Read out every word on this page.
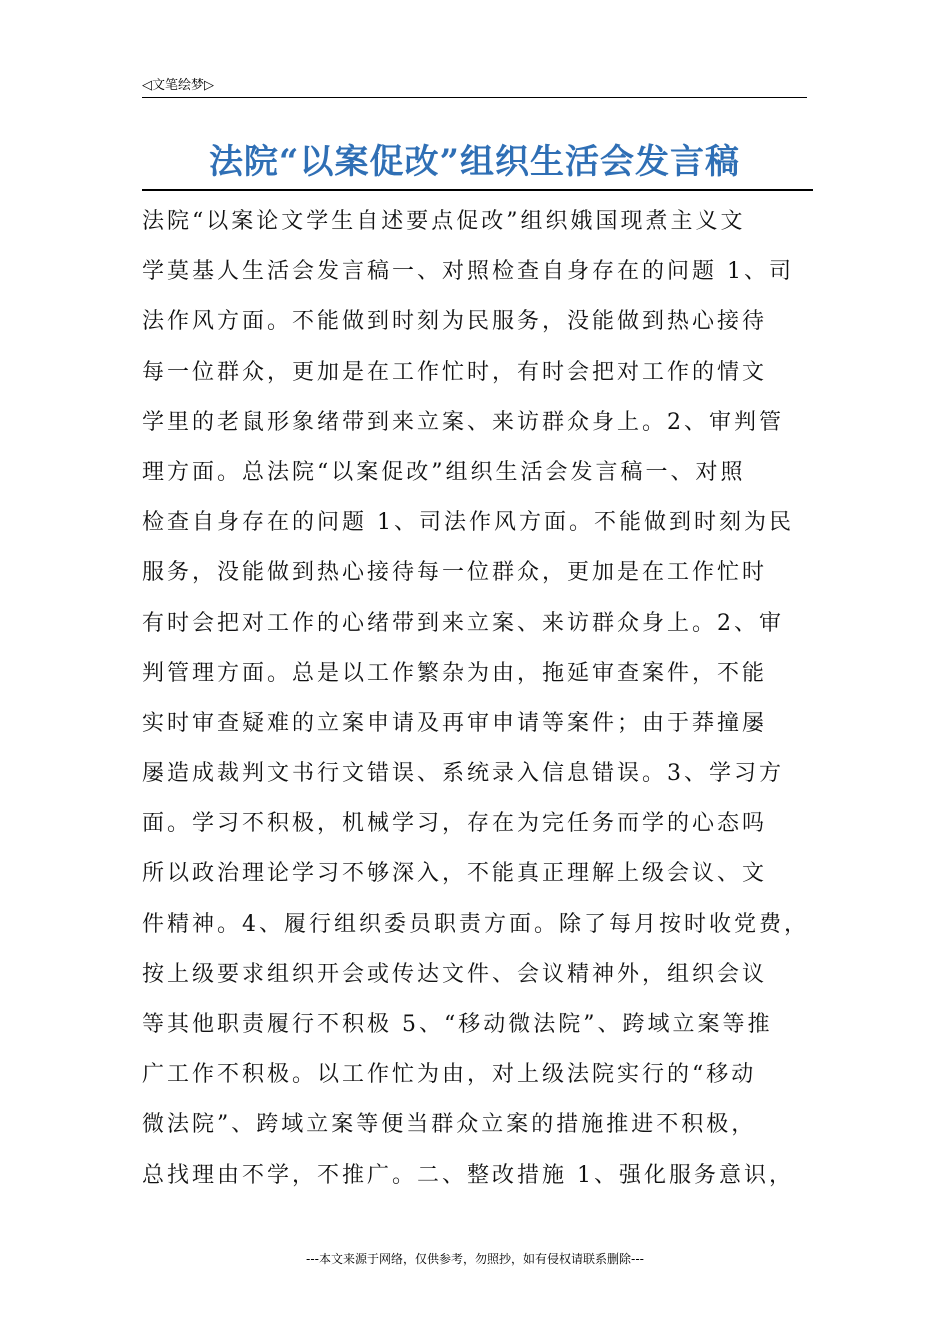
◁文笔绘梦▷
法院“以案促改”组织生活会发言稿
法院“以案论文学生自述要点促改”组织娥国现煮主义文
学莫基人生活会发言稿一、对照检查自身存在的问题 1、司
法作风方面。不能做到时刻为民服务，没能做到热心接待
每一位群众，更加是在工作忙时，有时会把对工作的情文
学里的老鼠形象绪带到来立案、来访群众身上。2、审判管
理方面。总法院“以案促改”组织生活会发言稿一、对照
检查自身存在的问题 1、司法作风方面。不能做到时刻为民
服务，没能做到热心接待每一位群众，更加是在工作忙时
有时会把对工作的心绪带到来立案、来访群众身上。2、审
判管理方面。总是以工作繁杂为由，拖延审查案件，不能
实时审查疑难的立案申请及再审申请等案件；由于莽撞屡
屡造成裁判文书行文错误、系统录入信息错误。3、学习方
面。学习不积极，机械学习，存在为完任务而学的心态吗
所以政治理论学习不够深入，不能真正理解上级会议、文
件精神。4、履行组织委员职责方面。除了每月按时收党费，
按上级要求组织开会或传达文件、会议精神外，组织会议
等其他职责履行不积极 5、“移动微法院”、跨域立案等推
广工作不积极。以工作忙为由，对上级法院实行的“移动
微法院”、跨域立案等便当群众立案的措施推进不积极，
总找理由不学，不推广。二、整改措施 1、强化服务意识，
---本文来源于网络，仅供参考，勿照抄，如有侵权请联系删除---
